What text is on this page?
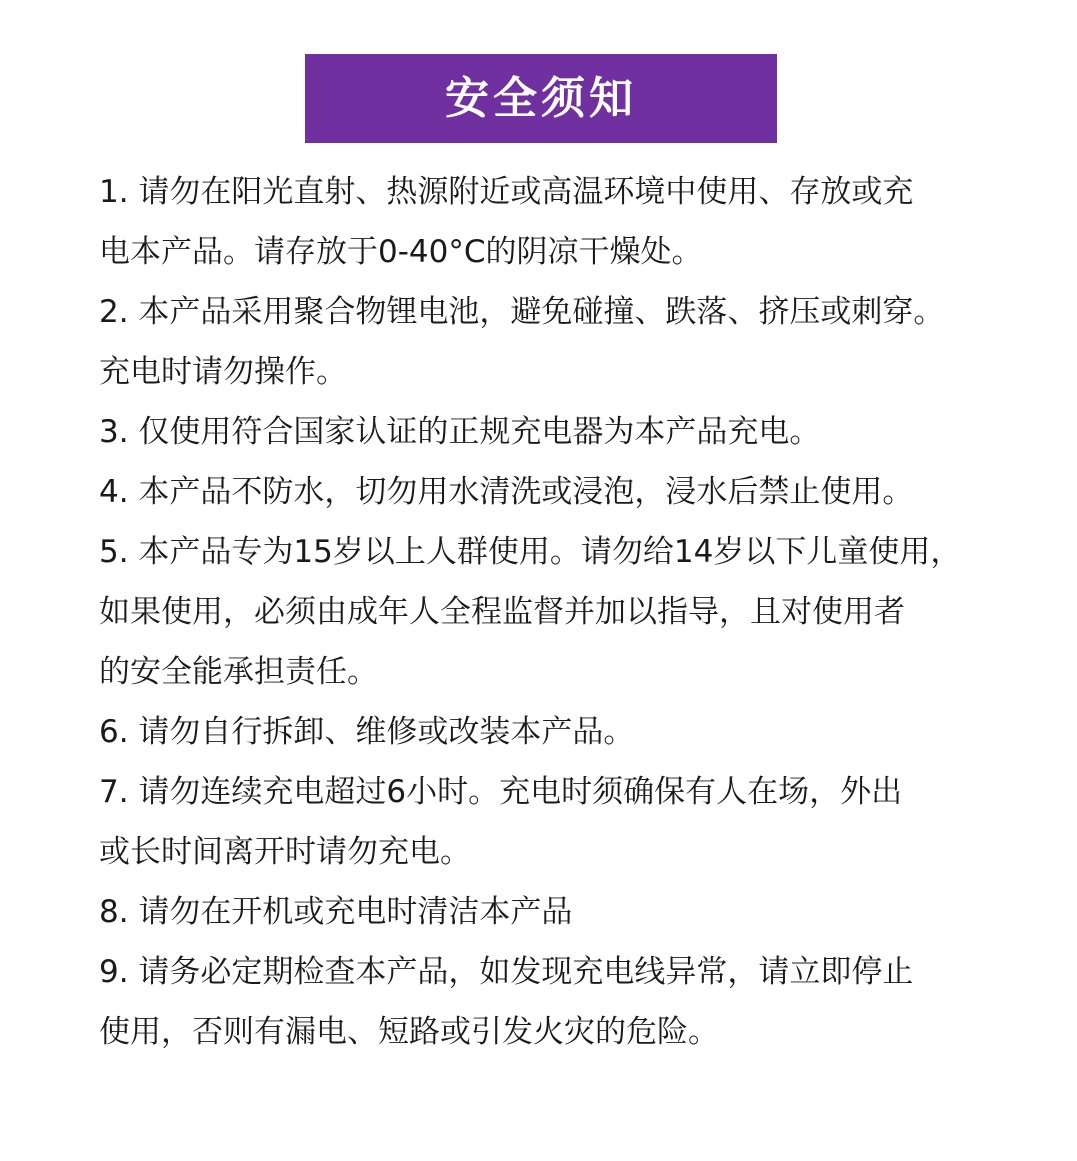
安全须知
1. 请勿在阳光直射、热源附近或高温环境中使用、存放或充
电本产品。请存放于0-40°C的阴凉干燥处。
2. 本产品采用聚合物锂电池，避免碰撞、跌落、挤压或刺穿。
充电时请勿操作。
3. 仅使用符合国家认证的正规充电器为本产品充电。
4. 本产品不防水，切勿用水清洗或浸泡，浸水后禁止使用。
5. 本产品专为15岁以上人群使用。请勿给14岁以下儿童使用，
如果使用，必须由成年人全程监督并加以指导，且对使用者
的安全能承担责任。
6. 请勿自行拆卸、维修或改装本产品。
7. 请勿连续充电超过6小时。充电时须确保有人在场，外出
或长时间离开时请勿充电。
8. 请勿在开机或充电时清洁本产品
9. 请务必定期检查本产品，如发现充电线异常，请立即停止
使用，否则有漏电、短路或引发火灾的危险。
